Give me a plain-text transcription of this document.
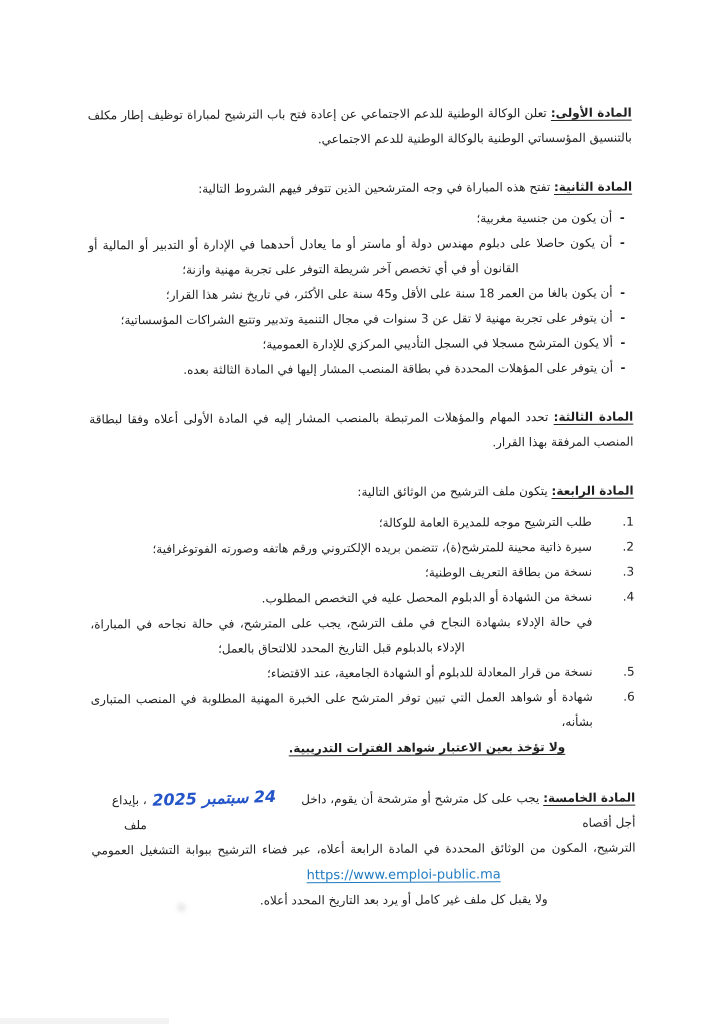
المادة الأولى: تعلن الوكالة الوطنية للدعم الاجتماعي عن إعادة فتح باب الترشيح لمباراة توظيف إطار مكلف بالتنسيق المؤسساتي الوطنية بالوكالة الوطنية للدعم الاجتماعي.

المادة الثانية: تفتح هذه المباراة في وجه المترشحين الذين تتوفر فيهم الشروط التالية:

-

أن يكون من جنسية مغربية؛

-

أن يكون حاصلا على دبلوم مهندس دولة أو ماستر أو ما يعادل أحدهما في الإدارة أو التدبير أو المالية أو القانون أو في أي تخصص آخر شريطة التوفر على تجربة مهنية وازنة؛

-

أن يكون بالغا من العمر 18 سنة على الأقل و45 سنة على الأكثر، في تاريخ نشر هذا القرار؛

-

أن يتوفر على تجربة مهنية لا تقل عن 3 سنوات في مجال التنمية وتدبير وتتبع الشراكات المؤسساتية؛

-

ألا يكون المترشح مسجلا في السجل التأديبي المركزي للإدارة العمومية؛

-

أن يتوفر على المؤهلات المحددة في بطاقة المنصب المشار إليها في المادة الثالثة بعده.

المادة الثالثة: تحدد المهام والمؤهلات المرتبطة بالمنصب المشار إليه في المادة الأولى أعلاه وفقا لبطاقة المنصب المرفقة بهذا القرار.

المادة الرابعة: يتكون ملف الترشيح من الوثائق التالية:

1.

طلب الترشيح موجه للمديرة العامة للوكالة؛

2.

سيرة ذاتية محينة للمترشح(ة)، تتضمن بريده الإلكتروني ورقم هاتفه وصورته الفوتوغرافية؛

3.

نسخة من بطاقة التعريف الوطنية؛

4.

نسخة من الشهادة أو الدبلوم المحصل عليه في التخصص المطلوب.

في حالة الإدلاء بشهادة النجاح في ملف الترشح، يجب على المترشح، في حالة نجاحه في المباراة، الإدلاء بالدبلوم قبل التاريخ المحدد للالتحاق بالعمل؛

5.

نسخة من قرار المعادلة للدبلوم أو الشهادة الجامعية، عند الاقتضاء؛

6.

شهادة أو شواهد العمل التي تبين توفر المترشح على الخبرة المهنية المطلوبة في المنصب المتبارى بشأنه،

ولا تؤخذ بعين الاعتبار شواهد الفترات التدريبية.

المادة الخامسة: يجب على كل مترشح أو مترشحة أن يقوم، داخل أجل أقصاه
24 سبتمبر 2025
، بإيداع ملف

الترشيح، المكون من الوثائق المحددة في المادة الرابعة أعلاه، عبر فضاء الترشيح ببوابة التشغيل العمومي

https://www.emploi-public.ma

ولا يقبل كل ملف غير كامل أو يرد بعد التاريخ المحدد أعلاه.
